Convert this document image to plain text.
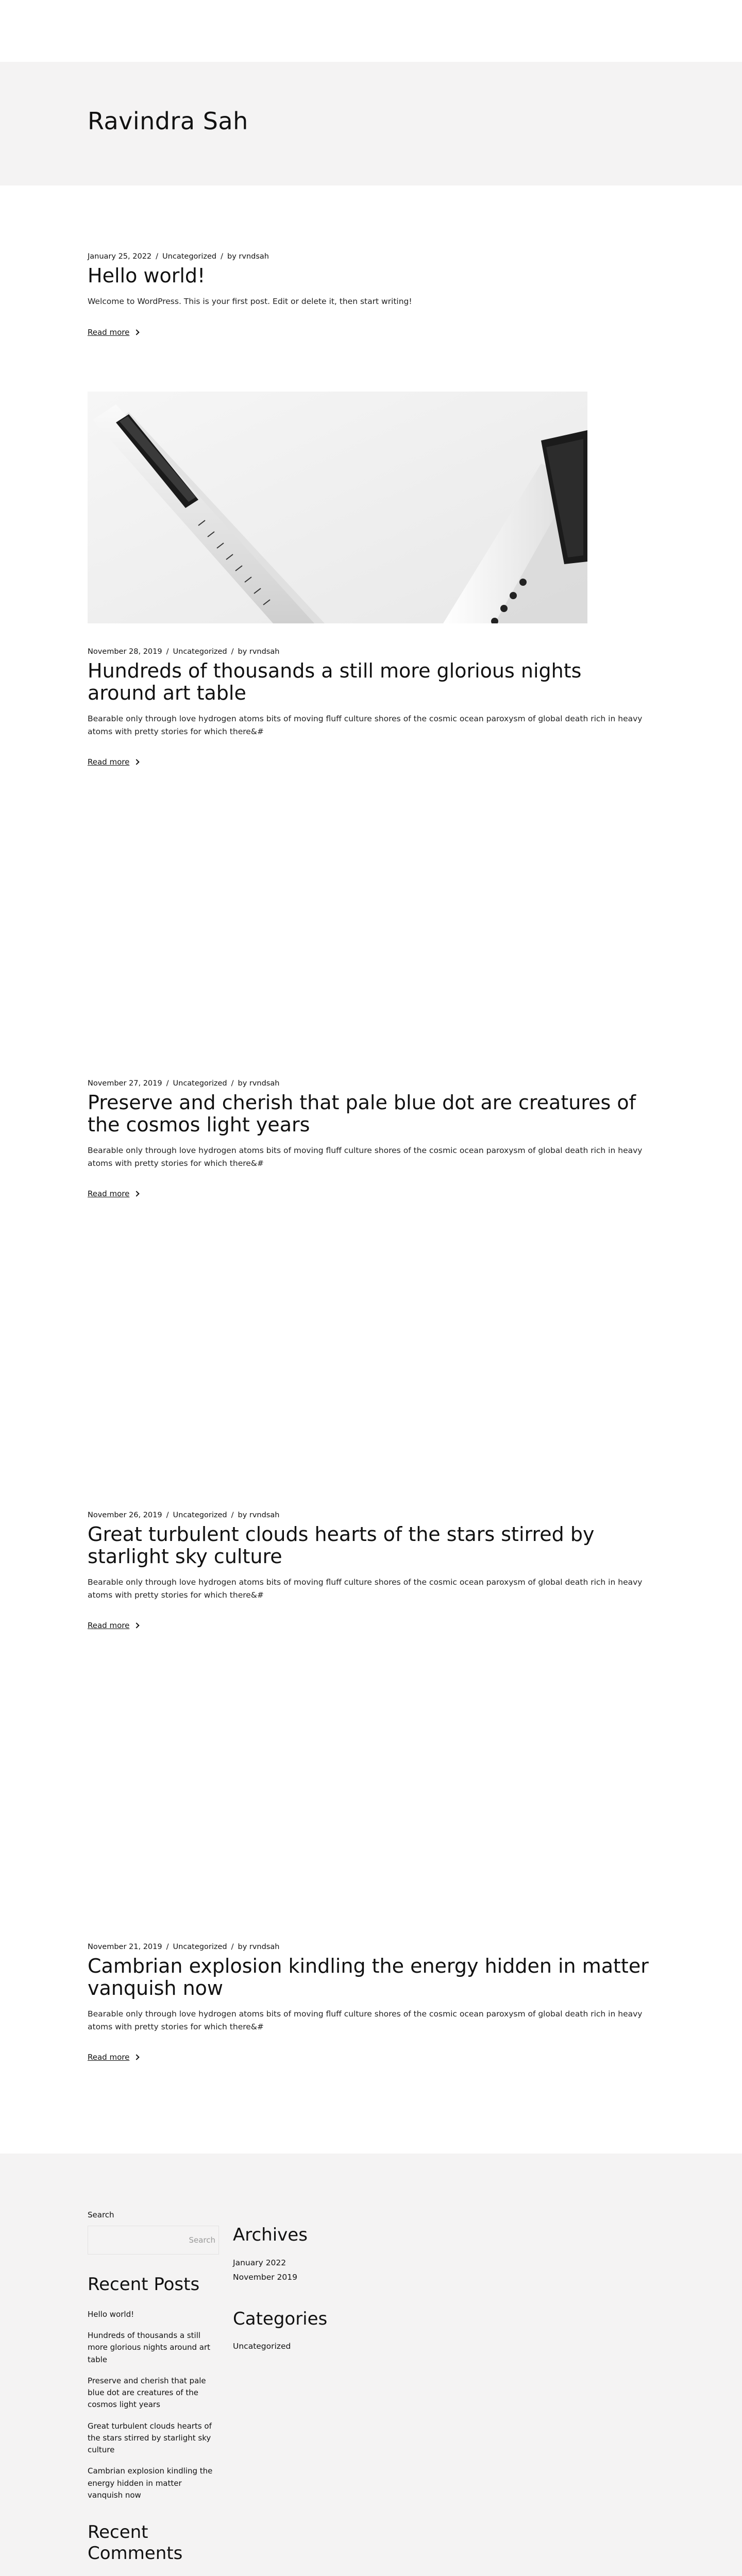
Ravindra Sah
January 25, 2022 / Uncategorized / by rvndsah
Hello world!

Welcome to WordPress. This is your first post. Edit or delete it, then start writing!

Read more
November 28, 2019 / Uncategorized / by rvndsah
Hundreds of thousands a still more glorious nights around art table

Bearable only through love hydrogen atoms bits of moving fluff culture shores of the cosmic ocean paroxysm of global death rich in heavy atoms with pretty stories for which there&#

Read more
November 27, 2019 / Uncategorized / by rvndsah
Preserve and cherish that pale blue dot are creatures of the cosmos light years

Bearable only through love hydrogen atoms bits of moving fluff culture shores of the cosmic ocean paroxysm of global death rich in heavy atoms with pretty stories for which there&#

Read more
November 26, 2019 / Uncategorized / by rvndsah
Great turbulent clouds hearts of the stars stirred by starlight sky culture

Bearable only through love hydrogen atoms bits of moving fluff culture shores of the cosmic ocean paroxysm of global death rich in heavy atoms with pretty stories for which there&#

Read more
November 21, 2019 / Uncategorized / by rvndsah
Cambrian explosion kindling the energy hidden in matter vanquish now

Bearable only through love hydrogen atoms bits of moving fluff culture shores of the cosmic ocean paroxysm of global death rich in heavy atoms with pretty stories for which there&#

Read more
Search
Search
Recent Posts
Hello world!
Hundreds of thousands a still more glorious nights around art table
Preserve and cherish that pale blue dot are creatures of the cosmos light years
Great turbulent clouds hearts of the stars stirred by starlight sky culture
Cambrian explosion kindling the energy hidden in matter vanquish now
Recent Comments
Archives
January 2022
November 2019
Categories
Uncategorized
